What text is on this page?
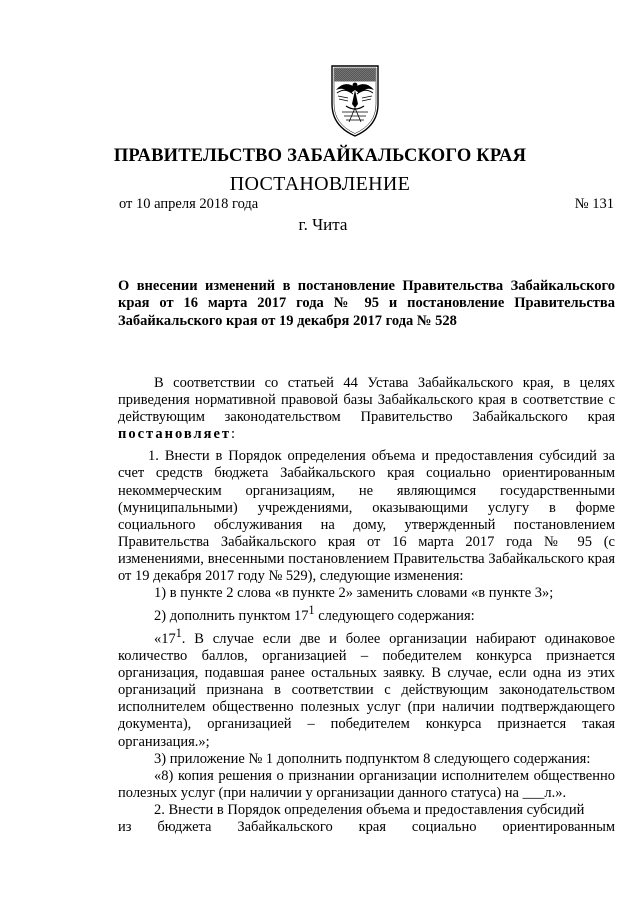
ПРАВИТЕЛЬСТВО ЗАБАЙКАЛЬСКОГО КРАЯ
ПОСТАНОВЛЕНИЕ
от 10 апреля 2018 года	№ 131
г. Чита
О внесении изменений в постановление Правительства Забайкальского края от 16 марта 2017 года № 95 и постановление Правительства Забайкальского края от 19 декабря 2017 года № 528

В соответствии со статьей 44 Устава Забайкальского края, в целях приведения нормативной правовой базы Забайкальского края в соответствие с действующим законодательством Правительство Забайкальского края постановляет:

1. Внести в Порядок определения объема и предоставления субсидий за счет средств бюджета Забайкальского края социально ориентированным некоммерческим организациям, не являющимся государственными (муниципальными) учреждениями, оказывающими услугу в форме социального обслуживания на дому, утвержденный постановлением Правительства Забайкальского края от 16 марта 2017 года № 95 (с изменениями, внесенными постановлением Правительства Забайкальского края от 19 декабря 2017 году № 529), следующие изменения:

1) в пункте 2 слова «в пункте 2» заменить словами «в пункте 3»;

2) дополнить пунктом $17^1$ следующего содержания:

«$17^1$. В случае если две и более организации набирают одинаковое количество баллов, организацией – победителем конкурса признается организация, подавшая ранее остальных заявку. В случае, если одна из этих организаций признана в соответствии с действующим законодательством исполнителем общественно полезных услуг (при наличии подтверждающего документа), организацией – победителем конкурса признается такая организация.»;

3) приложение № 1 дополнить подпунктом 8 следующего содержания:

«8) копия решения о признании организации исполнителем общественно полезных услуг (при наличии у организации данного статуса) на ___л.».

2. Внести в Порядок определения объема и предоставления субсидий

из бюджета Забайкальского края социально ориентированным
